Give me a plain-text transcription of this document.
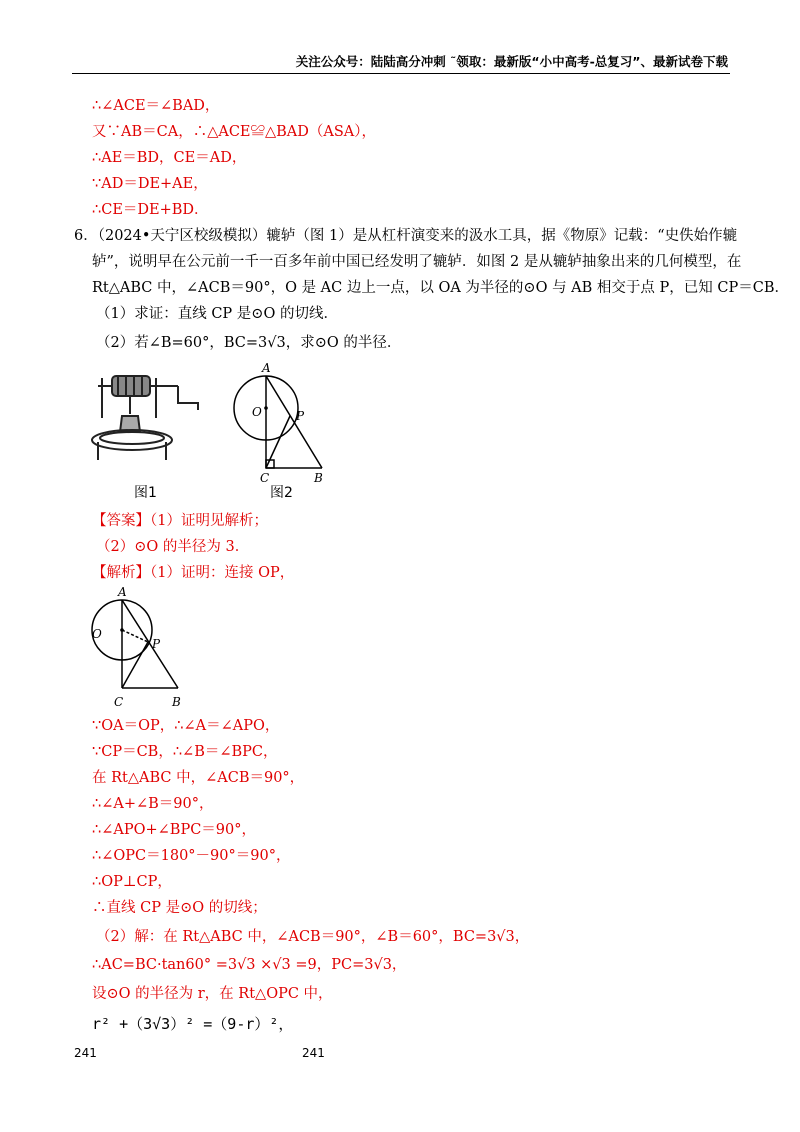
关注公众号：陆陆高分冲刺 ˜领取：最新版“小中高考-总复习”、最新试卷下载
∴∠ACE＝∠BAD，
又∵AB＝CA，∴△ACE≌△BAD（ASA），
∴AE＝BD，CE＝AD，
∵AD＝DE+AE，
∴CE＝DE+BD．
6．（2024•天宁区校级模拟）辘轳（图 1）是从杠杆演变来的汲水工具，据《物原》记载：“史佚始作辘
轳”，说明早在公元前一千一百多年前中国已经发明了辘轳．如图 2 是从辘轳抽象出来的几何模型，在
Rt△ABC 中，∠ACB＝90°，O 是 AC 边上一点，以 OA 为半径的⊙O 与 AB 相交于点 P，已知 CP＝CB．
（1）求证：直线 CP 是⊙O 的切线．
（2）若∠B=60°，BC=3√3，求⊙O 的半径．
图1
A
O	P
C	B
图2
【答案】（1）证明见解析；
（2）⊙O 的半径为 3．
【解析】（1）证明：连接 OP，
A
O
P
C	B
∵OA＝OP，∴∠A＝∠APO，
∵CP＝CB，∴∠B＝∠BPC，
在 Rt△ABC 中，∠ACB＝90°，
∴∠A+∠B＝90°，
∴∠APO+∠BPC＝90°，
∴∠OPC＝180°－90°＝90°，
∴OP⊥CP，
∴直线 CP 是⊙O 的切线；
（2）解：在 Rt△ABC 中，∠ACB＝90°，∠B＝60°，BC=3√3，
∴AC=BC·tan60° =3√3 ×√3 =9，PC=3√3，
设⊙O 的半径为 r，在 Rt△OPC 中，
r² +（3√3）² =（9-r）²，
241	241
